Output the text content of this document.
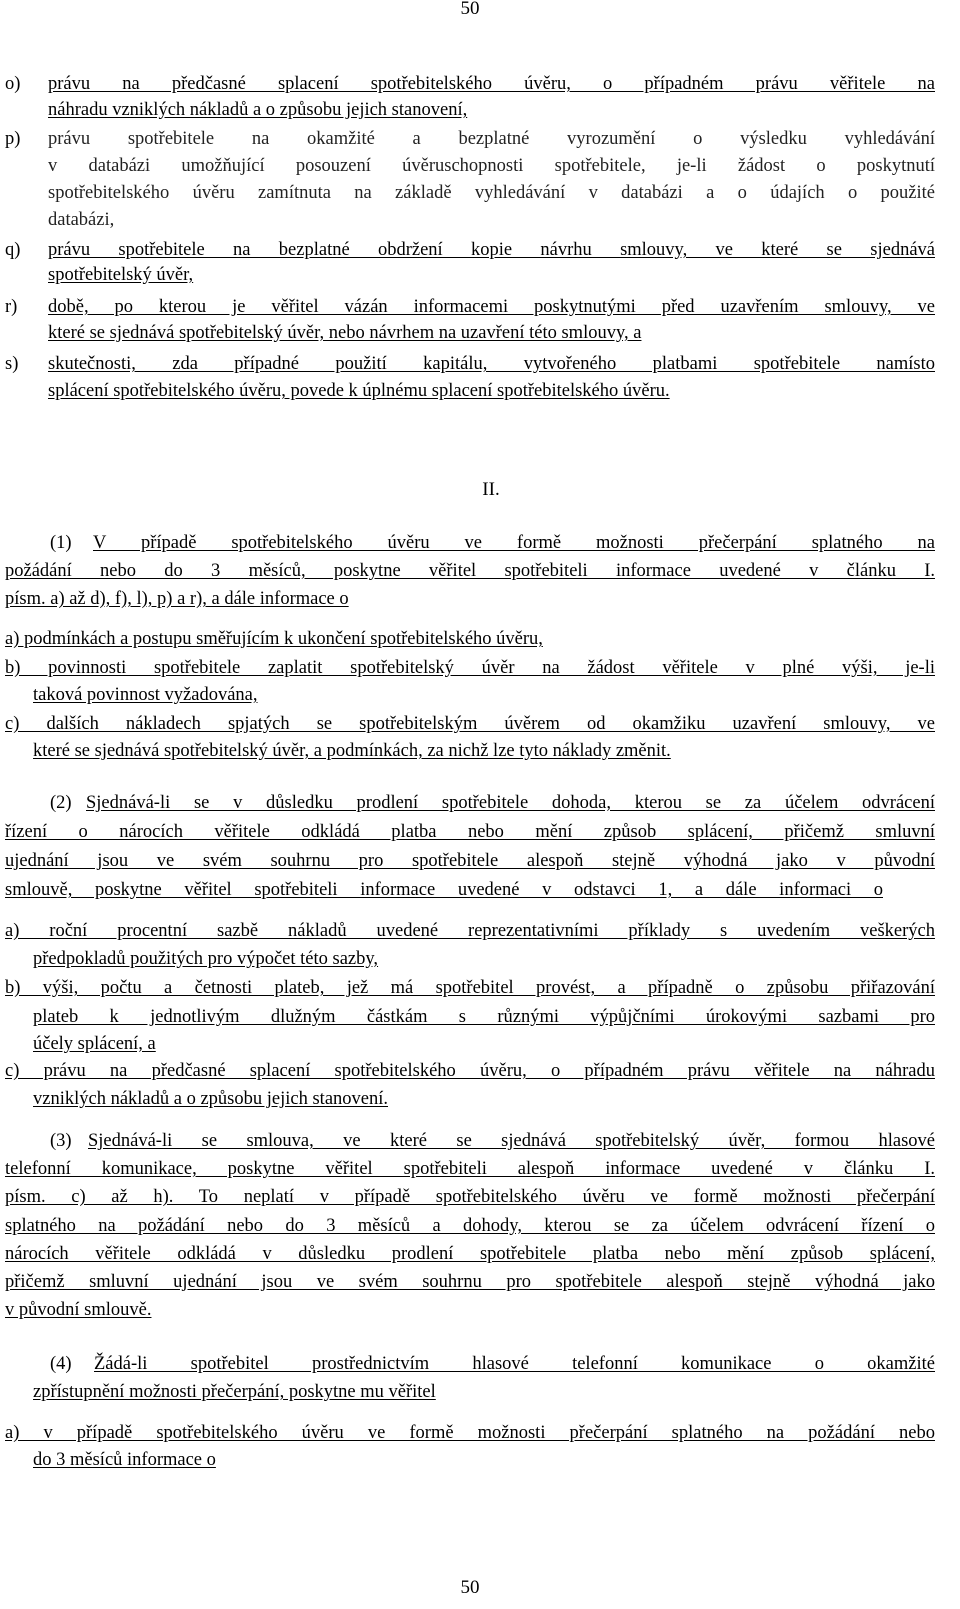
50
o) právu na předčasné splacení spotřebitelského úvěru, o případném právu věřitele na
náhradu vzniklých nákladů a o způsobu jejich stanovení,
p) právu spotřebitele na okamžité a bezplatné vyrozumění o výsledku vyhledávání
v databázi umožňující posouzení úvěruschopnosti spotřebitele, je-li žádost o poskytnutí
spotřebitelského úvěru zamítnuta na základě vyhledávání v databázi a o údajích o použité
databázi,
q) právu spotřebitele na bezplatné obdržení kopie návrhu smlouvy, ve které se sjednává
spotřebitelský úvěr,
r) době, po kterou je věřitel vázán informacemi poskytnutými před uzavřením smlouvy, ve
které se sjednává spotřebitelský úvěr, nebo návrhem na uzavření této smlouvy, a
s) skutečnosti, zda případné použití kapitálu, vytvořeného platbami spotřebitele namísto
splácení spotřebitelského úvěru, povede k úplnému splacení spotřebitelského úvěru.
II.
(1) V případě spotřebitelského úvěru ve formě možnosti přečerpání splatného na
požádání nebo do 3 měsíců, poskytne věřitel spotřebiteli informace uvedené v článku I.
písm. a) až d), f), l), p) a r), a dále informace o
a) podmínkách a postupu směřujícím k ukončení spotřebitelského úvěru,
b) povinnosti spotřebitele zaplatit spotřebitelský úvěr na žádost věřitele v plné výši, je-li
taková povinnost vyžadována,
c) dalších nákladech spjatých se spotřebitelským úvěrem od okamžiku uzavření smlouvy, ve
které se sjednává spotřebitelský úvěr, a podmínkách, za nichž lze tyto náklady změnit.
(2) Sjednává-li se v důsledku prodlení spotřebitele dohoda, kterou se za účelem odvrácení
řízení o nárocích věřitele odkládá platba nebo mění způsob splácení, přičemž smluvní
ujednání jsou ve svém souhrnu pro spotřebitele alespoň stejně výhodná jako v původní
smlouvě, poskytne věřitel spotřebiteli informace uvedené v odstavci 1, a dále informaci o
a) roční procentní sazbě nákladů uvedené reprezentativními příklady s uvedením veškerých
předpokladů použitých pro výpočet této sazby,
b) výši, počtu a četnosti plateb, jež má spotřebitel provést, a případně o způsobu přiřazování
plateb k jednotlivým dlužným částkám s různými výpůjčními úrokovými sazbami pro
účely splácení, a
c) právu na předčasné splacení spotřebitelského úvěru, o případném právu věřitele na náhradu
vzniklých nákladů a o způsobu jejich stanovení.
(3) Sjednává-li se smlouva, ve které se sjednává spotřebitelský úvěr, formou hlasové
telefonní komunikace, poskytne věřitel spotřebiteli alespoň informace uvedené v článku I.
písm. c) až h). To neplatí v případě spotřebitelského úvěru ve formě možnosti přečerpání
splatného na požádání nebo do 3 měsíců a dohody, kterou se za účelem odvrácení řízení o
nárocích věřitele odkládá v důsledku prodlení spotřebitele platba nebo mění způsob splácení,
přičemž smluvní ujednání jsou ve svém souhrnu pro spotřebitele alespoň stejně výhodná jako
v původní smlouvě.
(4) Žádá-li spotřebitel prostřednictvím hlasové telefonní komunikace o okamžité
zpřístupnění možnosti přečerpání, poskytne mu věřitel
a) v případě spotřebitelského úvěru ve formě možnosti přečerpání splatného na požádání nebo
do 3 měsíců informace o
50
